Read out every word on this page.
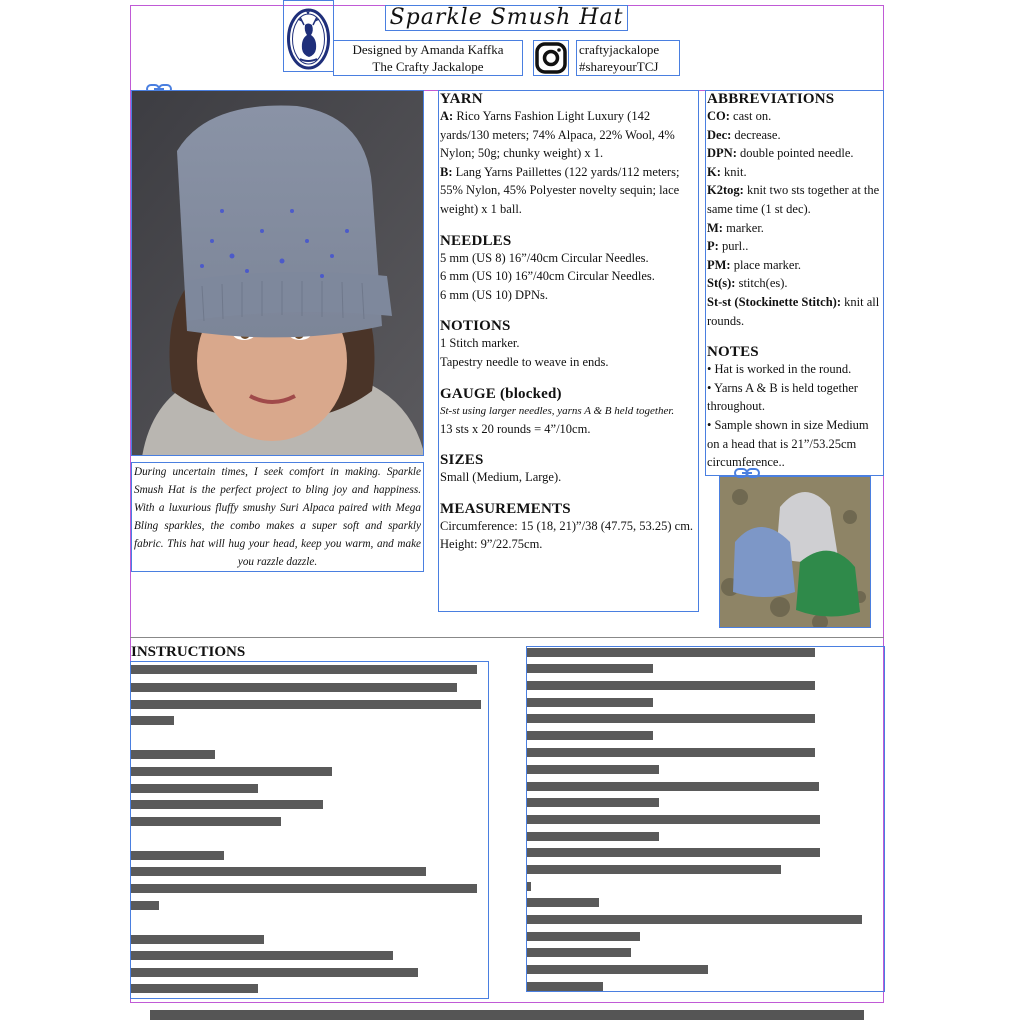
Sparkle Smush Hat
Designed by Amanda Kaffka
The Crafty Jackalope
craftyjackalope
#shareyourTCJ
During uncertain times, I seek comfort in making. Sparkle Smush Hat is the perfect project to bling joy and happiness. With a luxurious fluffy smushy Suri Alpaca paired with Mega Bling sparkles, the combo makes a super soft and sparkly fabric. This hat will hug your head, keep you warm, and make you razzle dazzle.
YARN

A: Rico Yarns Fashion Light Luxury (142 yards/130 meters; 74% Alpaca, 22% Wool, 4% Nylon; 50g; chunky weight) x 1.

B: Lang Yarns Paillettes (122 yards/112 meters; 55% Nylon, 45% Polyester novelty sequin; lace weight) x 1 ball.

NEEDLES

5 mm (US 8) 16”/40cm Circular Needles.

6 mm (US 10) 16”/40cm Circular Needles.

6 mm (US 10) DPNs.

NOTIONS

1 Stitch marker.

Tapestry needle to weave in ends.

GAUGE (blocked)

St-st using larger needles, yarns A & B held together.

13 sts x 20 rounds = 4”/10cm.

SIZES

Small (Medium, Large).

MEASUREMENTS

Circumference: 15 (18, 21)”/38 (47.75, 53.25) cm.

Height: 9”/22.75cm.

ABBREVIATIONS

CO: cast on.

Dec: decrease.

DPN: double pointed needle.

K: knit.

K2tog: knit two sts together at the same time (1 st dec).

M: marker.

P: purl..

PM: place marker.

St(s): stitch(es).

St-st (Stockinette Stitch): knit all rounds.

NOTES

• Hat is worked in the round.

• Yarns A & B is held together throughout.

• Sample shown in size Medium on a head that is 21”/53.25cm circumference..

INSTRUCTIONS
